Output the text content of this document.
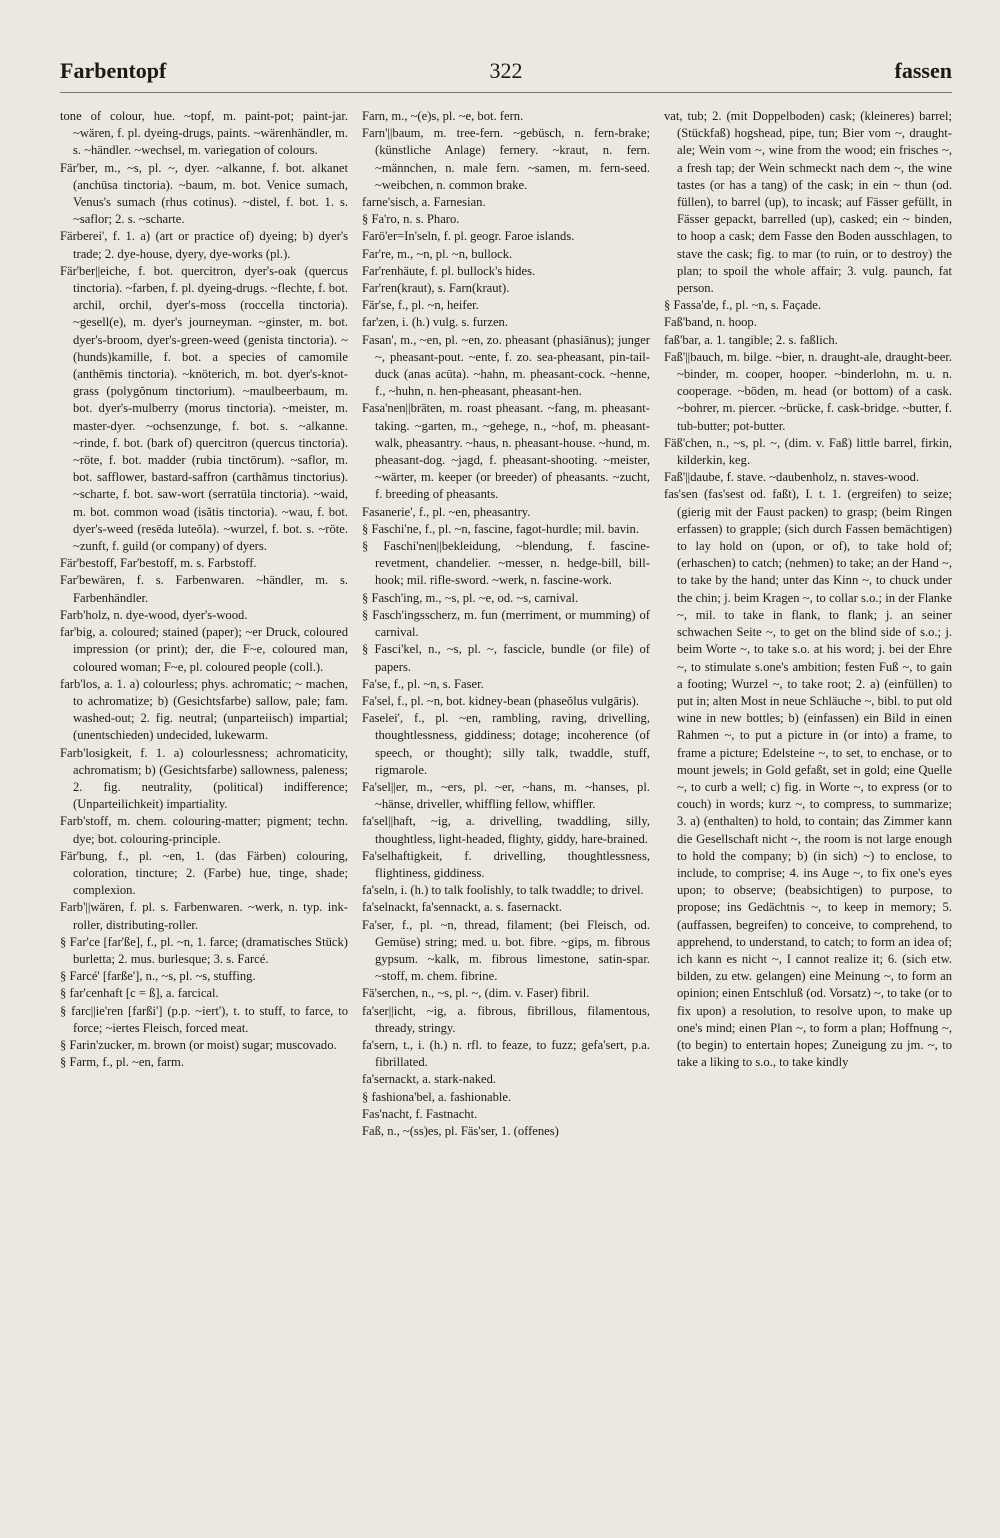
Farbentopf	322	fassen

tone of colour, hue. ~topf, m. paint-pot; paint-jar. ~wären, f. pl. dyeing-drugs, paints. ~wärenhändler, m. s. ~händler. ~wechsel, m. variegation of colours.

Fär'ber, m., ~s, pl. ~, dyer. ~alkanne, f. bot. alkanet (anchūsa tinctoria). ~baum, m. bot. Venice sumach, Venus's sumach (rhus cotinus). ~distel, f. bot. 1. s. ~saflor; 2. s. ~scharte.

Färberei', f. 1. a) (art or practice of) dyeing; b) dyer's trade; 2. dye-house, dyery, dye-works (pl.).

Fär'ber||eiche, f. bot. quercitron, dyer's-oak (quercus tinctoria). ~farben, f. pl. dyeing-drugs. ~flechte, f. bot. archil, orchil, dyer's-moss (roccella tinctoria). ~gesell(e), m. dyer's journeyman. ~ginster, m. bot. dyer's-broom, dyer's-green-weed (genista tinctoria). ~(hunds)kamille, f. bot. a species of camomile (anthēmis tinctoria). ~knöterich, m. bot. dyer's-knot-grass (polygŏnum tinctorium). ~maulbeerbaum, m. bot. dyer's-mulberry (morus tinctoria). ~meister, m. master-dyer. ~ochsenzunge, f. bot. s. ~alkanne. ~rinde, f. bot. (bark of) quercitron (quercus tinctoria). ~röte, f. bot. madder (rubia tinctōrum). ~saflor, m. bot. safflower, bastard-saffron (carthămus tinctorius). ~scharte, f. bot. saw-wort (serratūla tinctoria). ~waid, m. bot. common woad (isătis tinctoria). ~wau, f. bot. dyer's-weed (resēda luteŏla). ~wurzel, f. bot. s. ~röte. ~zunft, f. guild (or company) of dyers.

Fär'bestoff, Far'bestoff, m. s. Farbstoff.

Far'bewären, f. s. Farbenwaren. ~händler, m. s. Farbenhändler.

Farb'holz, n. dye-wood, dyer's-wood.

far'big, a. coloured; stained (paper); ~er Druck, coloured impression (or print); der, die F~e, coloured man, coloured woman; F~e, pl. coloured people (coll.).

farb'los, a. 1. a) colourless; phys. achromatic; ~ machen, to achromatize; b) (Gesichtsfarbe) sallow, pale; fam. washed-out; 2. fig. neutral; (unparteiisch) impartial; (unentschieden) undecided, lukewarm.

Farb'losigkeit, f. 1. a) colourlessness; achromaticity, achromatism; b) (Gesichtsfarbe) sallowness, paleness; 2. fig. neutrality, (political) indifference; (Unparteilichkeit) impartiality.

Farb'stoff, m. chem. colouring-matter; pigment; techn. dye; bot. colouring-principle.

Fär'bung, f., pl. ~en, 1. (das Färben) colouring, coloration, tincture; 2. (Farbe) hue, tinge, shade; complexion.

Farb'||wären, f. pl. s. Farbenwaren. ~werk, n. typ. ink-roller, distributing-roller.

§ Far'ce [far'ße], f., pl. ~n, 1. farce; (dramatisches Stück) burletta; 2. mus. burlesque; 3. s. Farcé.

§ Farcé' [farße'], n., ~s, pl. ~s, stuffing.

§ far'cenhaft [c = ß], a. farcical.

§ farc||ie'ren [farßi'] (p.p. ~iert'), t. to stuff, to farce, to force; ~iertes Fleisch, forced meat.

§ Farin'zucker, m. brown (or moist) sugar; muscovado.

§ Farm, f., pl. ~en, farm.

Farn, m., ~(e)s, pl. ~e, bot. fern.

Farn'||baum, m. tree-fern. ~gebüsch, n. fern-brake; (künstliche Anlage) fernery. ~kraut, n. fern. ~männchen, n. male fern. ~samen, m. fern-seed. ~weibchen, n. common brake.

farne'sisch, a. Farnesian.

§ Fa'ro, n. s. Pharo.

Farö'er=In'seln, f. pl. geogr. Faroe islands.

Far're, m., ~n, pl. ~n, bullock.

Far'renhäute, f. pl. bullock's hides.

Far'ren(kraut), s. Farn(kraut).

Fär'se, f., pl. ~n, heifer.

far'zen, i. (h.) vulg. s. furzen.

Fasan', m., ~en, pl. ~en, zo. pheasant (phasiānus); junger ~, pheasant-pout. ~ente, f. zo. sea-pheasant, pin-tail-duck (anas acūta). ~hahn, m. pheasant-cock. ~henne, f., ~huhn, n. hen-pheasant, pheasant-hen.

Fasa'nen||bräten, m. roast pheasant. ~fang, m. pheasant-taking. ~garten, m., ~gehege, n., ~hof, m. pheasant-walk, pheasantry. ~haus, n. pheasant-house. ~hund, m. pheasant-dog. ~jagd, f. pheasant-shooting. ~meister, ~wärter, m. keeper (or breeder) of pheasants. ~zucht, f. breeding of pheasants.

Fasanerie', f., pl. ~en, pheasantry.

§ Faschi'ne, f., pl. ~n, fascine, fagot-hurdle; mil. bavin.

§ Faschi'nen||bekleidung, ~blendung, f. fascine-revetment, chandelier. ~messer, n. hedge-bill, bill-hook; mil. rifle-sword. ~werk, n. fascine-work.

§ Fasch'ing, m., ~s, pl. ~e, od. ~s, carnival.

§ Fasch'ingsscherz, m. fun (merriment, or mumming) of carnival.

§ Fasci'kel, n., ~s, pl. ~, fascicle, bundle (or file) of papers.

Fa'se, f., pl. ~n, s. Faser.

Fa'sel, f., pl. ~n, bot. kidney-bean (phaseŏlus vulgāris).

Faselei', f., pl. ~en, rambling, raving, drivelling, thoughtlessness, giddiness; dotage; incoherence (of speech, or thought); silly talk, twaddle, stuff, rigmarole.

Fa'sel||er, m., ~ers, pl. ~er, ~hans, m. ~hanses, pl. ~hänse, driveller, whiffling fellow, whiffler.

fa'sel||haft, ~ig, a. drivelling, twaddling, silly, thoughtless, light-headed, flighty, giddy, hare-brained.

Fa'selhaftigkeit, f. drivelling, thoughtlessness, flightiness, giddiness.

fa'seln, i. (h.) to talk foolishly, to talk twaddle; to drivel.

fa'selnackt, fa'sennackt, a. s. fasernackt.

Fa'ser, f., pl. ~n, thread, filament; (bei Fleisch, od. Gemüse) string; med. u. bot. fibre. ~gips, m. fibrous gypsum. ~kalk, m. fibrous limestone, satin-spar. ~stoff, m. chem. fibrine.

Fä'serchen, n., ~s, pl. ~, (dim. v. Faser) fibril.

fa'ser||icht, ~ig, a. fibrous, fibrillous, filamentous, thready, stringy.

fa'sern, t., i. (h.) n. rfl. to feaze, to fuzz; gefa'sert, p.a. fibrillated.

fa'sernackt, a. stark-naked.

§ fashiona'bel, a. fashionable.

Fas'nacht, f. Fastnacht.

Faß, n., ~(ss)es, pl. Fäs'ser, 1. (offenes)

vat, tub; 2. (mit Doppelboden) cask; (kleineres) barrel; (Stückfaß) hogshead, pipe, tun; Bier vom ~, draught-ale; Wein vom ~, wine from the wood; ein frisches ~, a fresh tap; der Wein schmeckt nach dem ~, the wine tastes (or has a tang) of the cask; in ein ~ thun (od. füllen), to barrel (up), to incask; auf Fässer gefüllt, in Fässer gepackt, barrelled (up), casked; ein ~ binden, to hoop a cask; dem Fasse den Boden ausschlagen, to stave the cask; fig. to mar (to ruin, or to destroy) the plan; to spoil the whole affair; 3. vulg. paunch, fat person.

§ Fassa'de, f., pl. ~n, s. Façade.

Faß'band, n. hoop.

faß'bar, a. 1. tangible; 2. s. faßlich.

Faß'||bauch, m. bilge. ~bier, n. draught-ale, draught-beer. ~binder, m. cooper, hooper. ~binderlohn, m. u. n. cooperage. ~böden, m. head (or bottom) of a cask. ~bohrer, m. piercer. ~brücke, f. cask-bridge. ~butter, f. tub-butter; pot-butter.

Fäß'chen, n., ~s, pl. ~, (dim. v. Faß) little barrel, firkin, kilderkin, keg.

Faß'||daube, f. stave. ~daubenholz, n. staves-wood.

fas'sen (fas'sest od. faßt), I. t. 1. (ergreifen) to seize; (gierig mit der Faust packen) to grasp; (beim Ringen erfassen) to grapple; (sich durch Fassen bemächtigen) to lay hold on (upon, or of), to take hold of; (erhaschen) to catch; (nehmen) to take; an der Hand ~, to take by the hand; unter das Kinn ~, to chuck under the chin; j. beim Kragen ~, to collar s.o.; in der Flanke ~, mil. to take in flank, to flank; j. an seiner schwachen Seite ~, to get on the blind side of s.o.; j. beim Worte ~, to take s.o. at his word; j. bei der Ehre ~, to stimulate s.one's ambition; festen Fuß ~, to gain a footing; Wurzel ~, to take root; 2. a) (einfüllen) to put in; alten Most in neue Schläuche ~, bibl. to put old wine in new bottles; b) (einfassen) ein Bild in einen Rahmen ~, to put a picture in (or into) a frame, to frame a picture; Edelsteine ~, to set, to enchase, or to mount jewels; in Gold gefaßt, set in gold; eine Quelle ~, to curb a well; c) fig. in Worte ~, to express (or to couch) in words; kurz ~, to compress, to summarize; 3. a) (enthalten) to hold, to contain; das Zimmer kann die Gesellschaft nicht ~, the room is not large enough to hold the company; b) (in sich) ~) to enclose, to include, to comprise; 4. ins Auge ~, to fix one's eyes upon; to observe; (beabsichtigen) to purpose, to propose; ins Gedächtnis ~, to keep in memory; 5. (auffassen, begreifen) to conceive, to comprehend, to apprehend, to understand, to catch; to form an idea of; ich kann es nicht ~, I cannot realize it; 6. (sich etw. bilden, zu etw. gelangen) eine Meinung ~, to form an opinion; einen Entschluß (od. Vorsatz) ~, to take (or to fix upon) a resolution, to resolve upon, to make up one's mind; einen Plan ~, to form a plan; Hoffnung ~, (to begin) to entertain hopes; Zuneigung zu jm. ~, to take a liking to s.o., to take kindly
